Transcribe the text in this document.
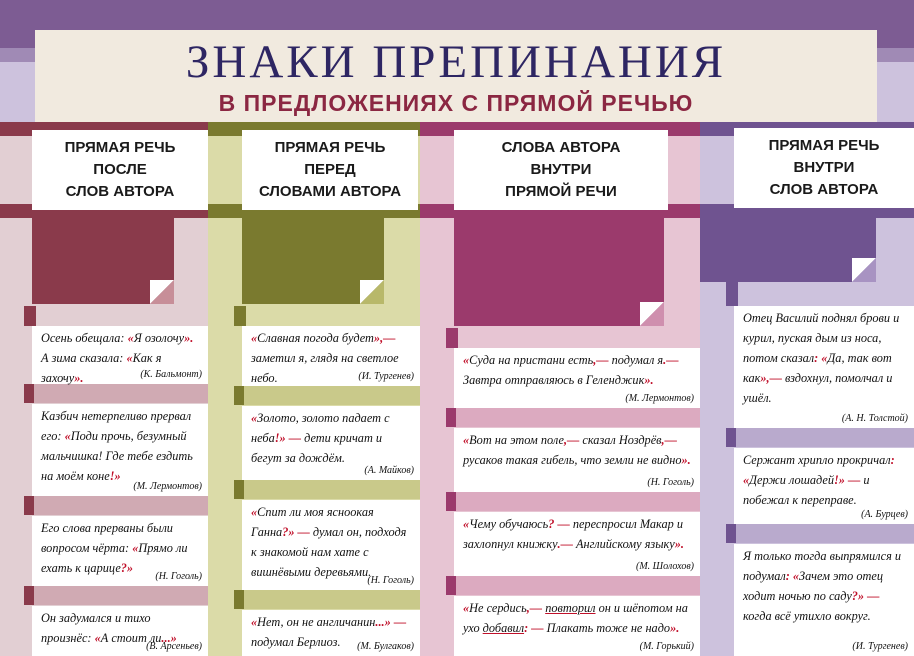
ЗНАКИ ПРЕПИНАНИЯ
В ПРЕДЛОЖЕНИЯХ С ПРЯМОЙ РЕЧЬЮ
ПРЯМАЯ РЕЧЬ
ПОСЛЕ
СЛОВ АВТОРА
ПРЯМАЯ РЕЧЬ
ПЕРЕД
СЛОВАМИ АВТОРА
СЛОВА АВТОРА
ВНУТРИ
ПРЯМОЙ РЕЧИ
ПРЯМАЯ РЕЧЬ
ВНУТРИ
СЛОВ АВТОРА
Осень обещала: «Я озолочу».
А зима сказала: «Как я захочу».	(К. Бальмонт)
Казбич нетерпеливо прервал его: «Поди прочь, безумный мальчишка! Где тебе ездить на моём коне!»
(М. Лермонтов)
Его слова прерваны были вопросом чёрта: «Прямо ли ехать к царице?»
(Н. Гоголь)
Он задумался и тихо произнёс: «А стоит ли...»
(В. Арсеньев)
«Славная погода будет»,— заметил я, глядя на светлое небо.	(И. Тургенев)
«Золото, золото падает с неба!» — дети кричат и бегут за дождём.
(А. Майков)
«Спит ли моя ясноокая Ганна?» — думал он, подходя к знакомой нам хате с вишнёвыми деревьями.
(Н. Гоголь)
«Нет, он не англичанин...» — подумал Берлиоз. (М. Булгаков)
«Суда на пристани есть,— подумал я.— Завтра отправляюсь в Геленджик».
(М. Лермонтов)
«Вот на этом поле,— сказал Ноздрёв,— русаков такая гибель, что земли не видно».
(Н. Гоголь)
«Чему обучаюсь? — переспросил Макар и захлопнул книжку.— Английскому языку».
(М. Шолохов)
«Не сердись,— повторил он и шёпотом на ухо добавил: — Плакать тоже не надо».
(М. Горький)
Отец Василий поднял брови и курил, пуская дым из носа, потом сказал: «Да, так вот как»,— вздохнул, помолчал и ушёл.
(А. Н. Толстой)
Сержант хрипло прокричал: «Держи лошадей!» — и побежал к переправе.
(А. Бурцев)
Я только тогда выпрямился и подумал: «Зачем это отец ходит ночью по саду?» — когда всё утихло вокруг.
(И. Тургенев)
